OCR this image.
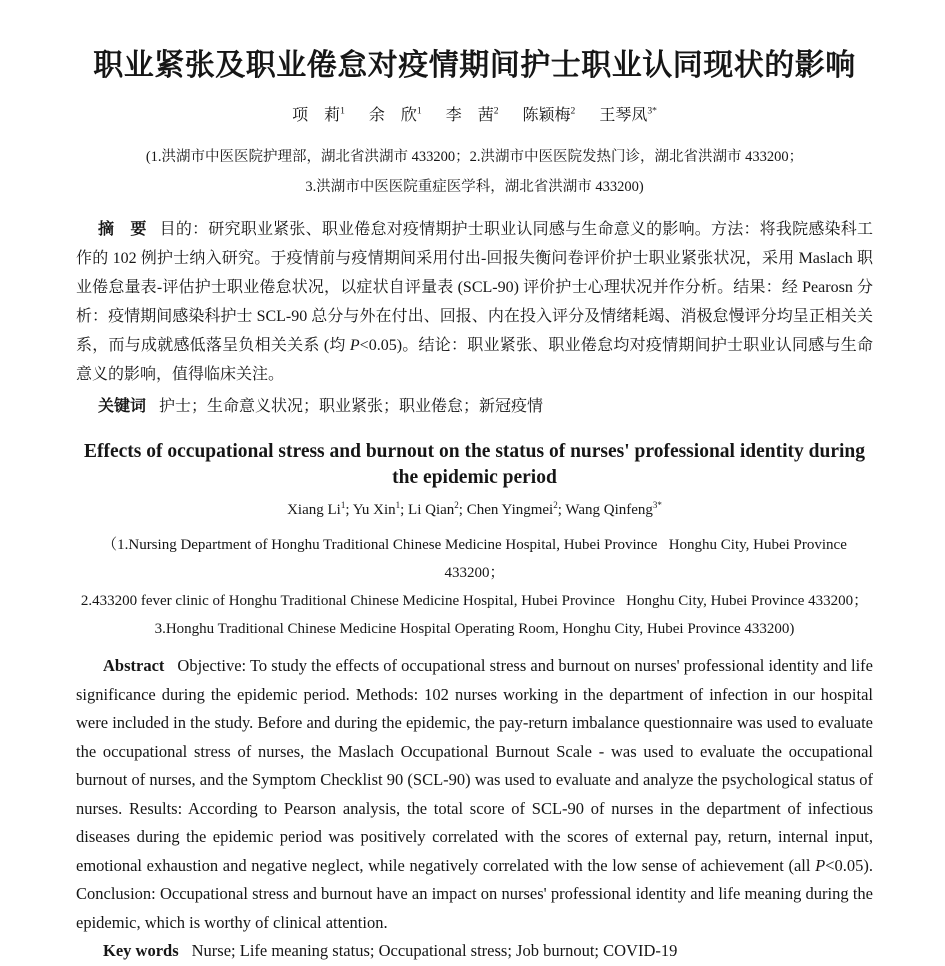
职业紧张及职业倦怠对疫情期间护士职业认同现状的影响
项　莉$^1$ 余　欣$^1$ 李　茜$^2$ 陈颖梅$^2$ 王琴凤$^{3*}$
(1.洪湖市中医医院护理部，湖北省洪湖市 433200；2.洪湖市中医医院发热门诊，湖北省洪湖市 433200；
3.洪湖市中医医院重症医学科，湖北省洪湖市 433200)

摘　要 目的：研究职业紧张、职业倦怠对疫情期护士职业认同感与生命意义的影响。方法：将我院感染科工作的 102 例护士纳入研究。于疫情前与疫情期间采用付出-回报失衡问卷评价护士职业紧张状况，采用 Maslach 职业倦怠量表-评估护士职业倦怠状况，以症状自评量表 (SCL-90) 评价护士心理状况并作分析。结果：经 Pearosn 分析：疫情期间感染科护士 SCL-90 总分与外在付出、回报、内在投入评分及情绪耗竭、消极怠慢评分均呈正相关关系，而与成就感低落呈负相关关系 (均 P<0.05)。结论：职业紧张、职业倦怠均对疫情期间护士职业认同感与生命意义的影响，值得临床关注。

关键词 护士；生命意义状况；职业紧张；职业倦怠；新冠疫情

Effects of occupational stress and burnout on the status of nurses' professional identity during
the epidemic period
Xiang Li$^1$; Yu Xin$^1$; Li Qian$^2$; Chen Yingmei$^2$; Wang Qinfeng$^{3*}$
（1.Nursing Department of Honghu Traditional Chinese Medicine Hospital, Hubei Province   Honghu City, Hubei Province 433200；
2.433200 fever clinic of Honghu Traditional Chinese Medicine Hospital, Hubei Province   Honghu City, Hubei Province 433200；
3.Honghu Traditional Chinese Medicine Hospital Operating Room, Honghu City, Hubei Province 433200)

Abstract Objective: To study the effects of occupational stress and burnout on nurses' professional identity and life significance during the epidemic period. Methods: 102 nurses working in the department of infection in our hospital were included in the study. Before and during the epidemic, the pay-return imbalance questionnaire was used to evaluate the occupational stress of nurses, the Maslach Occupational Burnout Scale - was used to evaluate the occupational burnout of nurses, and the Symptom Checklist 90 (SCL-90) was used to evaluate and analyze the psychological status of nurses. Results: According to Pearson analysis, the total score of SCL-90 of nurses in the department of infectious diseases during the epidemic period was positively correlated with the scores of external pay, return, internal input, emotional exhaustion and negative neglect, while negatively correlated with the low sense of achievement (all P<0.05). Conclusion: Occupational stress and burnout have an impact on nurses' professional identity and life meaning during the epidemic, which is worthy of clinical attention.

Key words Nurse; Life meaning status; Occupational stress; Job burnout; COVID-19
